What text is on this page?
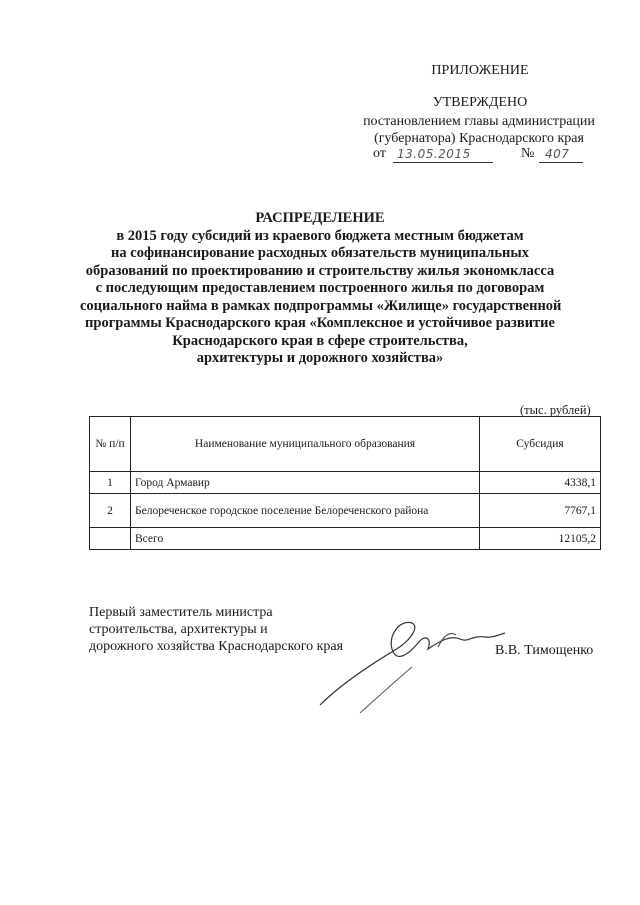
ПРИЛОЖЕНИЕ
УТВЕРЖДЕНО
постановлением главы администрации
(губернатора) Краснодарского края
от 13.05.2015	№ 407
РАСПРЕДЕЛЕНИЕ
в 2015 году субсидий из краевого бюджета местным бюджетам
на софинансирование расходных обязательств муниципальных
образований по проектированию и строительству жилья экономкласса
с последующим предоставлением построенного жилья по договорам
социального найма в рамках подпрограммы «Жилище» государственной
программы Краснодарского края «Комплексное и устойчивое развитие
Краснодарского края в сфере строительства,
архитектуры и дорожного хозяйства»
(тыс. рублей)
№ п/п	Наименование муниципального образования	Субсидия
1	Город Армавир	4338,1
2	Белореченское городское поселение Белореченского района	7767,1
	Всего	12105,2
Первый заместитель министра
строительства, архитектуры и
дорожного хозяйства Краснодарского края	В.В. Тимощенко
